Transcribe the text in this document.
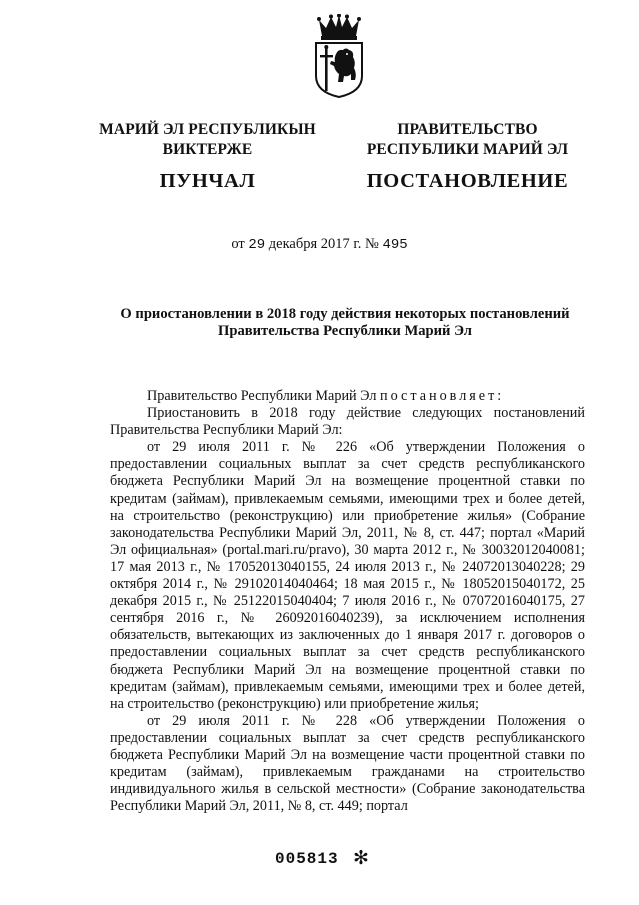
МАРИЙ ЭЛ РЕСПУБЛИКЫН
ВИКТЕРЖЕ
ПУНЧАЛ
ПРАВИТЕЛЬСТВО
РЕСПУБЛИКИ МАРИЙ ЭЛ
ПОСТАНОВЛЕНИЕ
от 29 декабря 2017 г. № 495
О приостановлении в 2018 году действия некоторых постановлений
Правительства Республики Марий Эл

Правительство Республики Марий Эл постановляет:

Приостановить в 2018 году действие следующих постановлений Правительства Республики Марий Эл:

от 29 июля 2011 г. № 226 «Об утверждении Положения о предоставлении социальных выплат за счет средств республиканского бюджета Республики Марий Эл на возмещение процентной ставки по кредитам (займам), привлекаемым семьями, имеющими трех и более детей, на строительство (реконструкцию) или приобретение жилья» (Собрание законодательства Республики Марий Эл, 2011, № 8, ст. 447; портал «Марий Эл официальная» (portal.mari.ru/pravo), 30 марта 2012 г., № 30032012040081; 17 мая 2013 г., № 17052013040155, 24 июля 2013 г., № 24072013040228; 29 октября 2014 г., № 29102014040464; 18 мая 2015 г., № 18052015040172, 25 декабря 2015 г., № 25122015040404; 7 июля 2016 г., № 07072016040175, 27 сентября 2016 г., № 26092016040239), за исключением исполнения обязательств, вытекающих из заключенных до 1 января 2017 г. договоров о предоставлении социальных выплат за счет средств республиканского бюджета Республики Марий Эл на возмещение процентной ставки по кредитам (займам), привлекаемым семьями, имеющими трех и более детей, на строительство (реконструкцию) или приобретение жилья;

от 29 июля 2011 г. № 228 «Об утверждении Положения о предоставлении социальных выплат за счет средств республиканского бюджета Республики Марий Эл на возмещение части процентной ставки по кредитам (займам), привлекаемым гражданами на строительство индивидуального жилья в сельской местности» (Собрание законодательства Республики Марий Эл, 2011, № 8, ст. 449; портал

005813 ✻
